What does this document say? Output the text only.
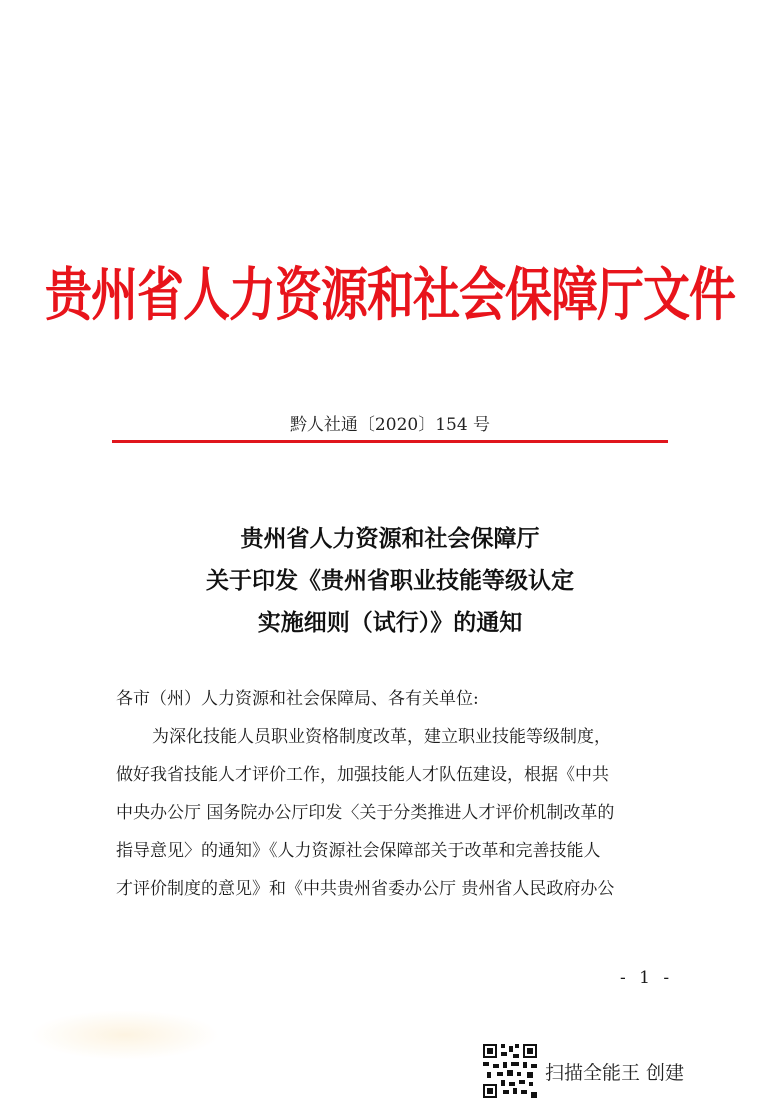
贵州省人力资源和社会保障厅文件
黔人社通〔2020〕154 号
贵州省人力资源和社会保障厅
关于印发《贵州省职业技能等级认定
实施细则（试行）》的通知
各市（州）人力资源和社会保障局、各有关单位:
为深化技能人员职业资格制度改革，建立职业技能等级制度，
做好我省技能人才评价工作，加强技能人才队伍建设，根据《中共
中央办公厅 国务院办公厅印发〈关于分类推进人才评价机制改革的
指导意见〉的通知》《人力资源社会保障部关于改革和完善技能人
才评价制度的意见》和《中共贵州省委办公厅 贵州省人民政府办公
- 1 -
扫描全能王 创建
